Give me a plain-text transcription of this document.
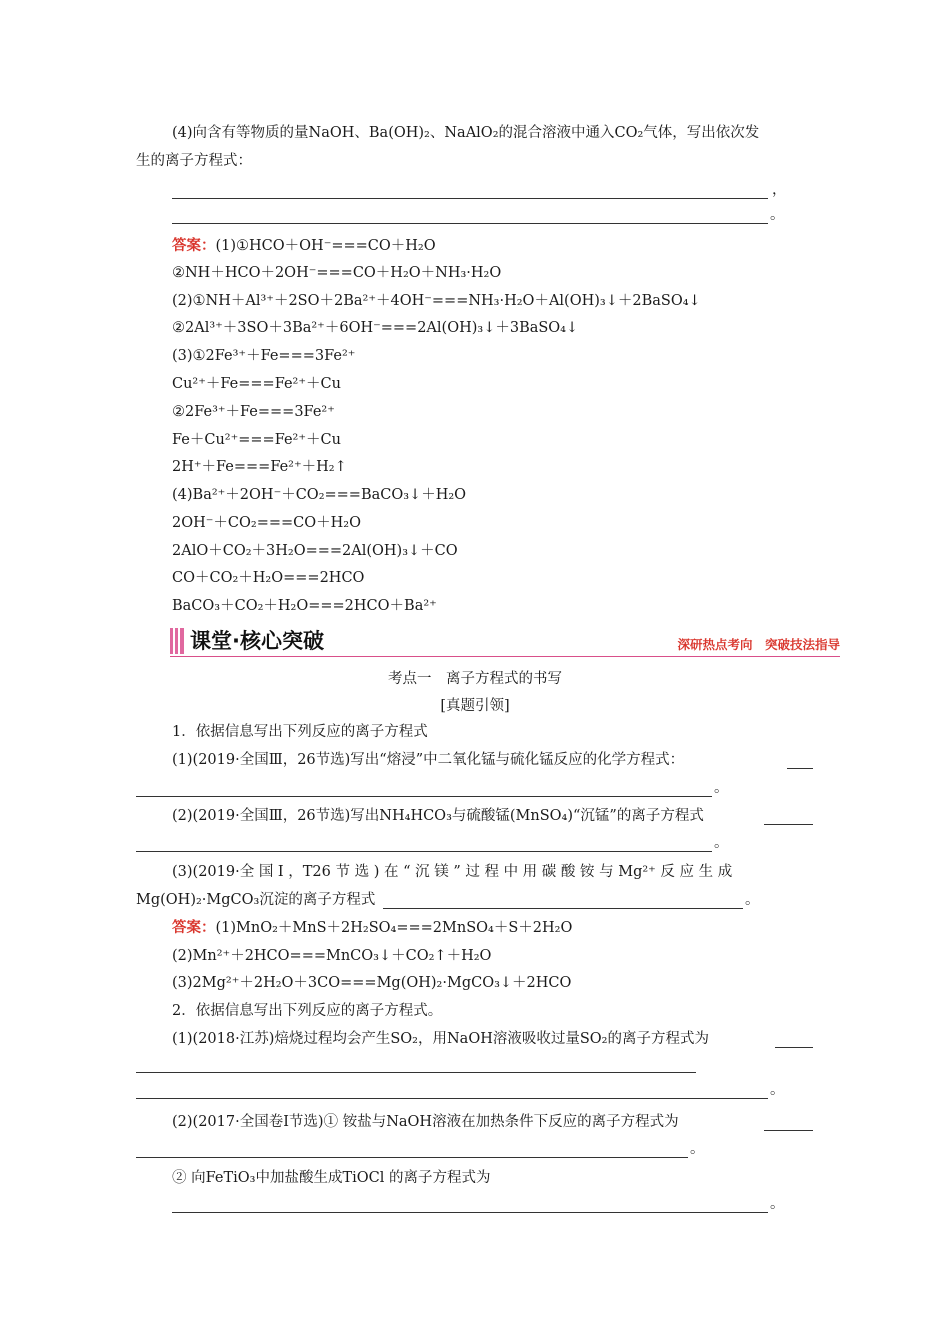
(4)向含有等物质的量NaOH、Ba(OH)₂、NaAlO₂的混合溶液中通入CO₂气体，写出依次发
生的离子方程式：
，
。
答案：(1)①HCO＋OH⁻===CO＋H₂O
②NH＋HCO＋2OH⁻===CO＋H₂O＋NH₃·H₂O
(2)①NH＋Al³⁺＋2SO＋2Ba²⁺＋4OH⁻===NH₃·H₂O＋Al(OH)₃↓＋2BaSO₄↓
②2Al³⁺＋3SO＋3Ba²⁺＋6OH⁻===2Al(OH)₃↓＋3BaSO₄↓
(3)①2Fe³⁺＋Fe===3Fe²⁺
Cu²⁺＋Fe===Fe²⁺＋Cu
②2Fe³⁺＋Fe===3Fe²⁺
Fe＋Cu²⁺===Fe²⁺＋Cu
2H⁺＋Fe===Fe²⁺＋H₂↑
(4)Ba²⁺＋2OH⁻＋CO₂===BaCO₃↓＋H₂O
2OH⁻＋CO₂===CO＋H₂O
2AlO＋CO₂＋3H₂O===2Al(OH)₃↓＋CO
CO＋CO₂＋H₂O===2HCO
BaCO₃＋CO₂＋H₂O===2HCO＋Ba²⁺
课堂·核心突破	深研热点考向　突破技法指导
考点一　离子方程式的书写
[真题引领]
1．依据信息写出下列反应的离子方程式
(1)(2019·全国Ⅲ，26节选)写出“熔浸”中二氧化锰与硫化锰反应的化学方程式：
。
(2)(2019·全国Ⅲ，26节选)写出NH₄HCO₃与硫酸锰(MnSO₄)“沉锰”的离子方程式
。
(3)(2019·全 国 Ⅰ ，T26 节 选 ) 在 “ 沉 镁 ” 过 程 中 用 碳 酸 铵 与 Mg²⁺ 反 应 生 成
Mg(OH)₂·MgCO₃沉淀的离子方程式	。
答案：(1)MnO₂＋MnS＋2H₂SO₄===2MnSO₄＋S＋2H₂O
(2)Mn²⁺＋2HCO===MnCO₃↓＋CO₂↑＋H₂O
(3)2Mg²⁺＋2H₂O＋3CO===Mg(OH)₂·MgCO₃↓＋2HCO
2．依据信息写出下列反应的离子方程式。
(1)(2018·江苏)焙烧过程均会产生SO₂，用NaOH溶液吸收过量SO₂的离子方程式为
。
(2)(2017·全国卷Ⅰ节选)① 铵盐与NaOH溶液在加热条件下反应的离子方程式为
。
② 向FeTiO₃中加盐酸生成TiOCl 的离子方程式为
。
